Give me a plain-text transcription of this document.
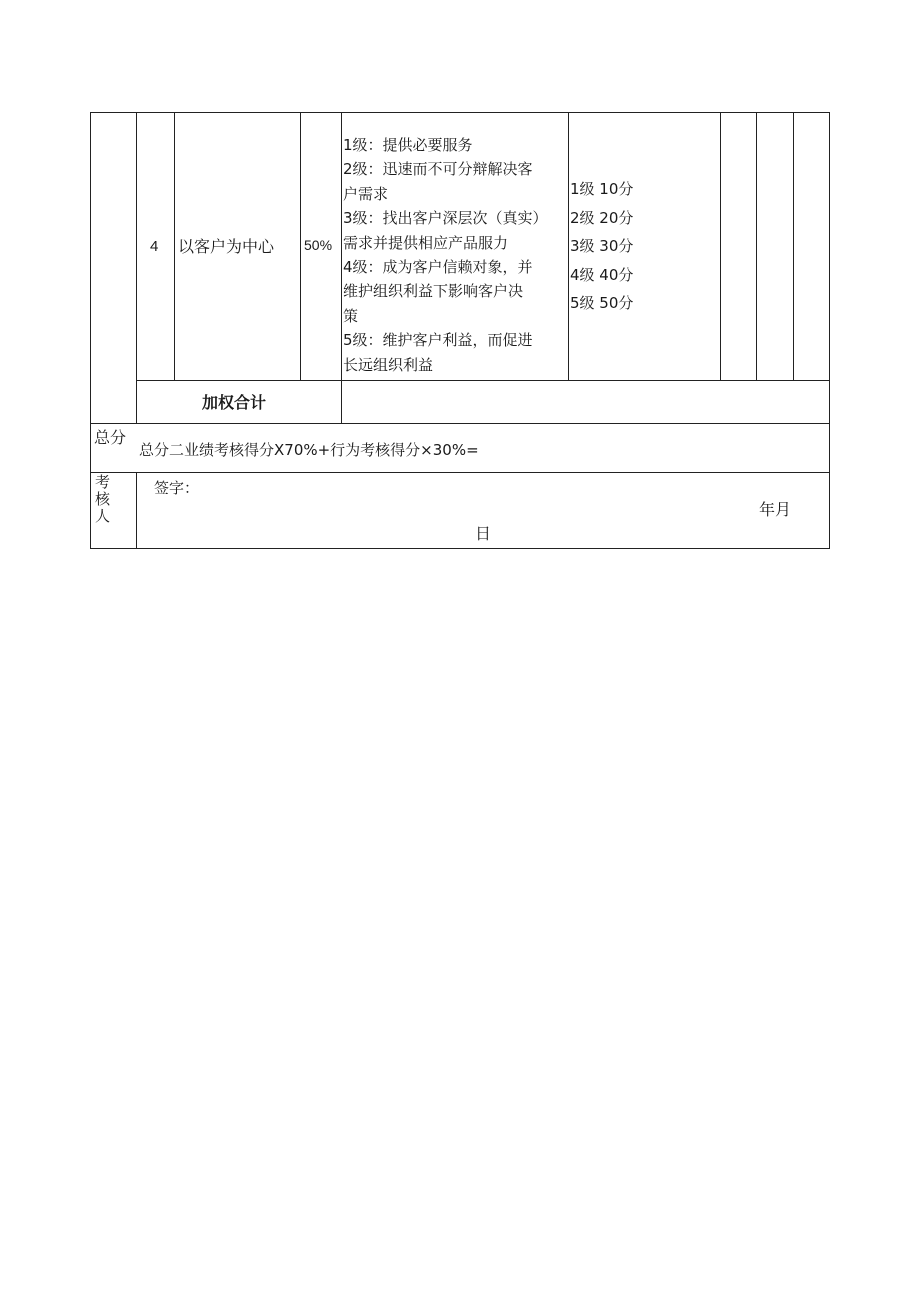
4 以客户为中心 50%
1级：提供必要服务
2级：迅速而不可分辩解决客
户需求
3级：找出客户深层次（真实）
需求并提供相应产品服力
4级：成为客户信赖对象，并
维护组织利益下影响客户决
策
5级：维护客户利益，而促进
长远组织利益
1级 10分
2级 20分
3级 30分
4级 40分
5级 50分
加权合计
总分
总分二业绩考核得分X70%+行为考核得分×30%=
考核人
签字：
年月
日
